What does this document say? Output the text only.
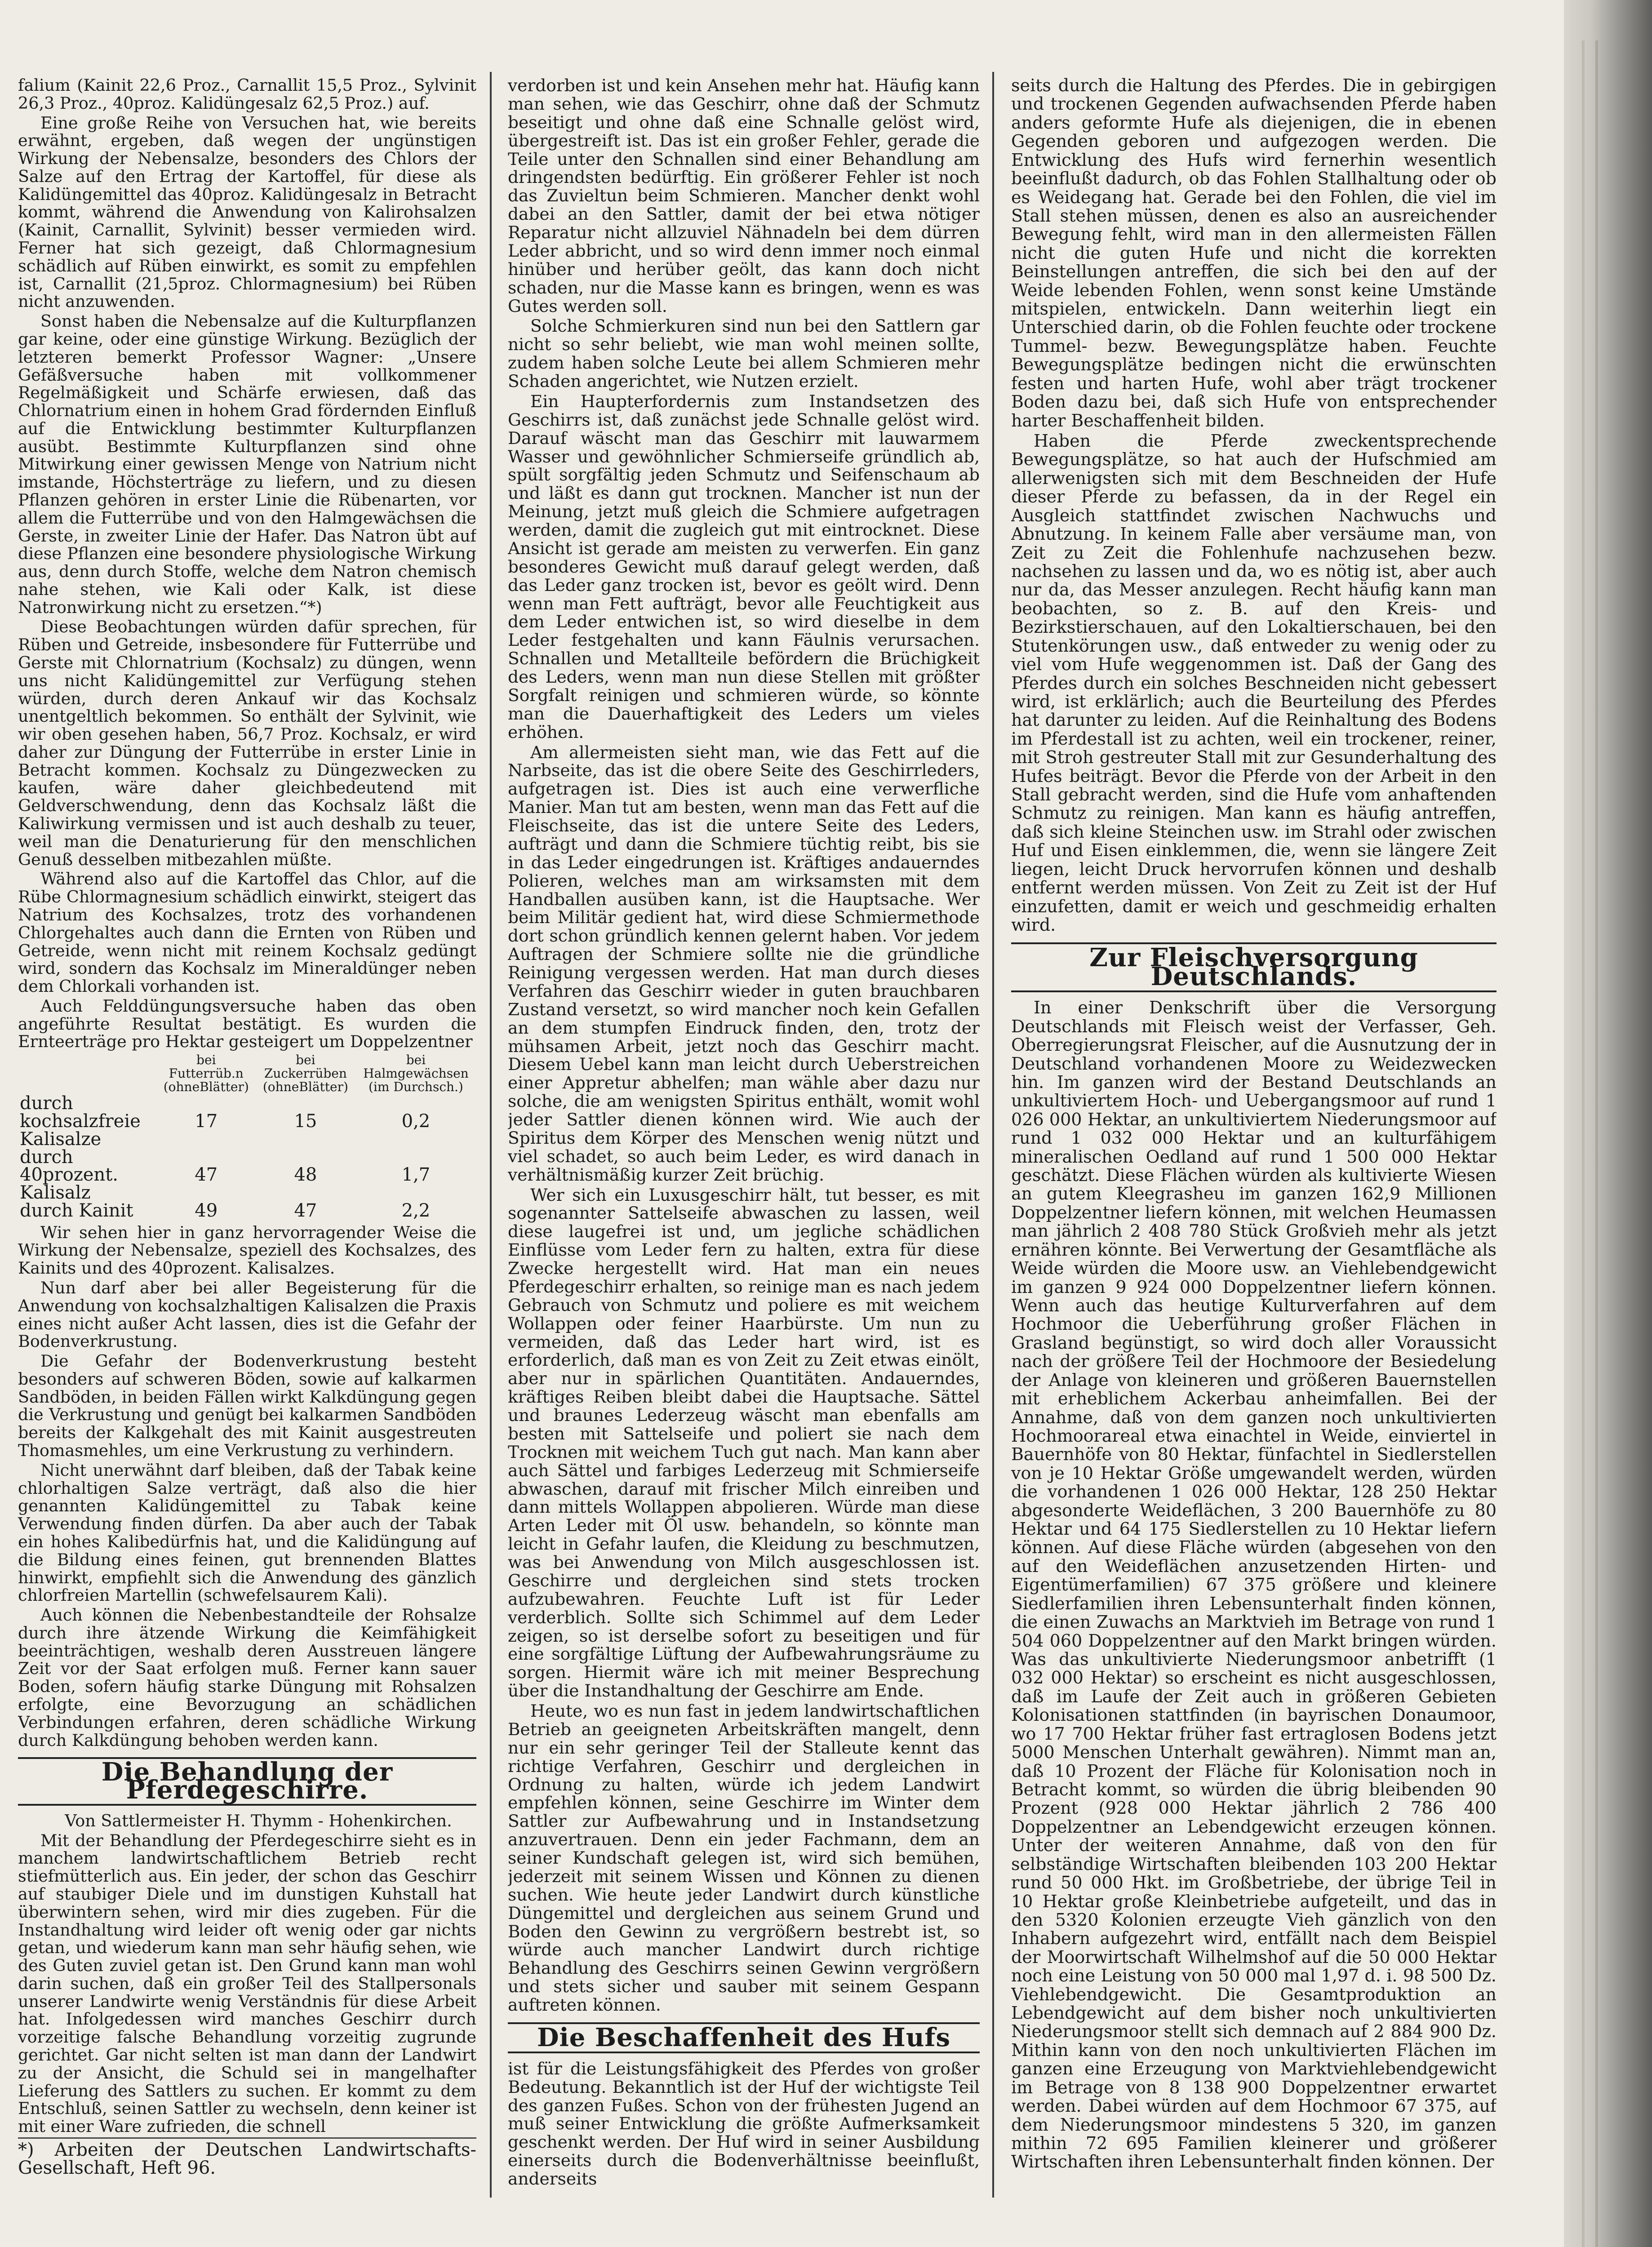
falium (Kainit 22,6 Proz., Carnallit 15,5 Proz., Sylvinit 26,3 Proz., 40proz. Kalidüngesalz 62,5 Proz.) auf.

Eine große Reihe von Versuchen hat, wie bereits erwähnt, ergeben, daß wegen der ungünstigen Wirkung der Nebensalze, besonders des Chlors der Salze auf den Ertrag der Kartoffel, für diese als Kalidüngemittel das 40proz. Kalidüngesalz in Betracht kommt, während die Anwendung von Kalirohsalzen (Kainit, Carnallit, Sylvinit) besser vermieden wird. Ferner hat sich gezeigt, daß Chlormagnesium schädlich auf Rüben einwirkt, es somit zu empfehlen ist, Carnallit (21,5proz. Chlormagnesium) bei Rüben nicht anzuwenden.

Sonst haben die Nebensalze auf die Kulturpflanzen gar keine, oder eine günstige Wirkung. Bezüglich der letzteren bemerkt Professor Wagner: „Unsere Gefäßversuche haben mit vollkommener Regelmäßigkeit und Schärfe erwiesen, daß das Chlornatrium einen in hohem Grad fördernden Einfluß auf die Entwicklung bestimmter Kulturpflanzen ausübt. Bestimmte Kulturpflanzen sind ohne Mitwirkung einer gewissen Menge von Natrium nicht imstande, Höchsterträge zu liefern, und zu diesen Pflanzen gehören in erster Linie die Rübenarten, vor allem die Futterrübe und von den Halmgewächsen die Gerste, in zweiter Linie der Hafer. Das Natron übt auf diese Pflanzen eine besondere physiologische Wirkung aus, denn durch Stoffe, welche dem Natron chemisch nahe stehen, wie Kali oder Kalk, ist diese Natronwirkung nicht zu ersetzen.“*)

Diese Beobachtungen würden dafür sprechen, für Rüben und Getreide, insbesondere für Futterrübe und Gerste mit Chlornatrium (Kochsalz) zu düngen, wenn uns nicht Kalidüngemittel zur Verfügung stehen würden, durch deren Ankauf wir das Kochsalz unentgeltlich bekommen. So enthält der Sylvinit, wie wir oben gesehen haben, 56,7 Proz. Kochsalz, er wird daher zur Düngung der Futterrübe in erster Linie in Betracht kommen. Kochsalz zu Düngezwecken zu kaufen, wäre daher gleichbedeutend mit Geldverschwendung, denn das Kochsalz läßt die Kaliwirkung vermissen und ist auch deshalb zu teuer, weil man die Denaturierung für den menschlichen Genuß desselben mitbezahlen müßte.

Während also auf die Kartoffel das Chlor, auf die Rübe Chlormagnesium schädlich einwirkt, steigert das Natrium des Kochsalzes, trotz des vorhandenen Chlorgehaltes auch dann die Ernten von Rüben und Getreide, wenn nicht mit reinem Kochsalz gedüngt wird, sondern das Kochsalz im Mineraldünger neben dem Chlorkali vorhanden ist.

Auch Felddüngungsversuche haben das oben angeführte Resultat bestätigt. Es wurden die Ernteerträge pro Hektar gesteigert um Doppelzentner

	bei Futterrüb.n (ohneBlätter)	bei Zuckerrüben (ohneBlätter)	bei Halmgewächsen (im Durchsch.)
durch kochsalzfreie Kalisalze	17	15	0,2
durch 40prozent. Kalisalz	47	48	1,7
durch Kainit	49	47	2,2

Wir sehen hier in ganz hervorragender Weise die Wirkung der Nebensalze, speziell des Kochsalzes, des Kainits und des 40prozent. Kalisalzes.

Nun darf aber bei aller Begeisterung für die Anwendung von kochsalzhaltigen Kalisalzen die Praxis eines nicht außer Acht lassen, dies ist die Gefahr der Bodenverkrustung.

Die Gefahr der Bodenverkrustung besteht besonders auf schweren Böden, sowie auf kalkarmen Sandböden, in beiden Fällen wirkt Kalkdüngung gegen die Verkrustung und genügt bei kalkarmen Sandböden bereits der Kalkgehalt des mit Kainit ausgestreuten Thomasmehles, um eine Verkrustung zu verhindern.

Nicht unerwähnt darf bleiben, daß der Tabak keine chlorhaltigen Salze verträgt, daß also die hier genannten Kalidüngemittel zu Tabak keine Verwendung finden dürfen. Da aber auch der Tabak ein hohes Kalibedürfnis hat, und die Kalidüngung auf die Bildung eines feinen, gut brennenden Blattes hinwirkt, empfiehlt sich die Anwendung des gänzlich chlorfreien Martellin (schwefelsaurem Kali).

Auch können die Nebenbestandteile der Rohsalze durch ihre ätzende Wirkung die Keimfähigkeit beeinträchtigen, weshalb deren Ausstreuen längere Zeit vor der Saat erfolgen muß. Ferner kann sauer Boden, sofern häufig starke Düngung mit Rohsalzen erfolgte, eine Bevorzugung an schädlichen Verbindungen erfahren, deren schädliche Wirkung durch Kalkdüngung behoben werden kann.

Die Behandlung der Pferdegeschirre.

Von Sattlermeister H. Thymm - Hohenkirchen.

Mit der Behandlung der Pferdegeschirre sieht es in manchem landwirtschaftlichem Betrieb recht stiefmütterlich aus. Ein jeder, der schon das Geschirr auf staubiger Diele und im dunstigen Kuhstall hat überwintern sehen, wird mir dies zugeben. Für die Instandhaltung wird leider oft wenig oder gar nichts getan, und wiederum kann man sehr häufig sehen, wie des Guten zuviel getan ist. Den Grund kann man wohl darin suchen, daß ein großer Teil des Stallpersonals unserer Landwirte wenig Verständnis für diese Arbeit hat. Infolgedessen wird manches Geschirr durch vorzeitige falsche Behandlung vorzeitig zugrunde gerichtet. Gar nicht selten ist man dann der Landwirt zu der Ansicht, die Schuld sei in mangelhafter Lieferung des Sattlers zu suchen. Er kommt zu dem Entschluß, seinen Sattler zu wechseln, denn keiner ist mit einer Ware zufrieden, die schnell

*) Arbeiten der Deutschen Landwirtschafts-Gesellschaft, Heft 96.

verdorben ist und kein Ansehen mehr hat. Häufig kann man sehen, wie das Geschirr, ohne daß der Schmutz beseitigt und ohne daß eine Schnalle gelöst wird, übergestreift ist. Das ist ein großer Fehler, gerade die Teile unter den Schnallen sind einer Behandlung am dringendsten bedürftig. Ein größerer Fehler ist noch das Zuvieltun beim Schmieren. Mancher denkt wohl dabei an den Sattler, damit der bei etwa nötiger Reparatur nicht allzuviel Nähnadeln bei dem dürren Leder abbricht, und so wird denn immer noch einmal hinüber und herüber geölt, das kann doch nicht schaden, nur die Masse kann es bringen, wenn es was Gutes werden soll.

Solche Schmierkuren sind nun bei den Sattlern gar nicht so sehr beliebt, wie man wohl meinen sollte, zudem haben solche Leute bei allem Schmieren mehr Schaden angerichtet, wie Nutzen erzielt.

Ein Haupterfordernis zum Instandsetzen des Geschirrs ist, daß zunächst jede Schnalle gelöst wird. Darauf wäscht man das Geschirr mit lauwarmem Wasser und gewöhnlicher Schmierseife gründlich ab, spült sorgfältig jeden Schmutz und Seifenschaum ab und läßt es dann gut trocknen. Mancher ist nun der Meinung, jetzt muß gleich die Schmiere aufgetragen werden, damit die zugleich gut mit eintrocknet. Diese Ansicht ist gerade am meisten zu verwerfen. Ein ganz besonderes Gewicht muß darauf gelegt werden, daß das Leder ganz trocken ist, bevor es geölt wird. Denn wenn man Fett aufträgt, bevor alle Feuchtigkeit aus dem Leder entwichen ist, so wird dieselbe in dem Leder festgehalten und kann Fäulnis verursachen. Schnallen und Metallteile befördern die Brüchigkeit des Leders, wenn man nun diese Stellen mit größter Sorgfalt reinigen und schmieren würde, so könnte man die Dauerhaftigkeit des Leders um vieles erhöhen.

Am allermeisten sieht man, wie das Fett auf die Narbseite, das ist die obere Seite des Geschirrleders, aufgetragen ist. Dies ist auch eine verwerfliche Manier. Man tut am besten, wenn man das Fett auf die Fleischseite, das ist die untere Seite des Leders, aufträgt und dann die Schmiere tüchtig reibt, bis sie in das Leder eingedrungen ist. Kräftiges andauerndes Polieren, welches man am wirksamsten mit dem Handballen ausüben kann, ist die Hauptsache. Wer beim Militär gedient hat, wird diese Schmiermethode dort schon gründlich kennen gelernt haben. Vor jedem Auftragen der Schmiere sollte nie die gründliche Reinigung vergessen werden. Hat man durch dieses Verfahren das Geschirr wieder in guten brauchbaren Zustand versetzt, so wird mancher noch kein Gefallen an dem stumpfen Eindruck finden, den, trotz der mühsamen Arbeit, jetzt noch das Geschirr macht. Diesem Uebel kann man leicht durch Ueberstreichen einer Appretur abhelfen; man wähle aber dazu nur solche, die am wenigsten Spiritus enthält, womit wohl jeder Sattler dienen können wird. Wie auch der Spiritus dem Körper des Menschen wenig nützt und viel schadet, so auch beim Leder, es wird danach in verhältnismäßig kurzer Zeit brüchig.

Wer sich ein Luxusgeschirr hält, tut besser, es mit sogenannter Sattelseife abwaschen zu lassen, weil diese laugefrei ist und, um jegliche schädlichen Einflüsse vom Leder fern zu halten, extra für diese Zwecke hergestellt wird. Hat man ein neues Pferdegeschirr erhalten, so reinige man es nach jedem Gebrauch von Schmutz und poliere es mit weichem Wollappen oder feiner Haarbürste. Um nun zu vermeiden, daß das Leder hart wird, ist es erforderlich, daß man es von Zeit zu Zeit etwas einölt, aber nur in spärlichen Quantitäten. Andauerndes, kräftiges Reiben bleibt dabei die Hauptsache. Sättel und braunes Lederzeug wäscht man ebenfalls am besten mit Sattelseife und poliert sie nach dem Trocknen mit weichem Tuch gut nach. Man kann aber auch Sättel und farbiges Lederzeug mit Schmierseife abwaschen, darauf mit frischer Milch einreiben und dann mittels Wollappen abpolieren. Würde man diese Arten Leder mit Öl usw. behandeln, so könnte man leicht in Gefahr laufen, die Kleidung zu beschmutzen, was bei Anwendung von Milch ausgeschlossen ist. Geschirre und dergleichen sind stets trocken aufzubewahren. Feuchte Luft ist für Leder verderblich. Sollte sich Schimmel auf dem Leder zeigen, so ist derselbe sofort zu beseitigen und für eine sorgfältige Lüftung der Aufbewahrungsräume zu sorgen. Hiermit wäre ich mit meiner Besprechung über die Instandhaltung der Geschirre am Ende.

Heute, wo es nun fast in jedem landwirtschaftlichen Betrieb an geeigneten Arbeitskräften mangelt, denn nur ein sehr geringer Teil der Stalleute kennt das richtige Verfahren, Geschirr und dergleichen in Ordnung zu halten, würde ich jedem Landwirt empfehlen können, seine Geschirre im Winter dem Sattler zur Aufbewahrung und in Instandsetzung anzuvertrauen. Denn ein jeder Fachmann, dem an seiner Kundschaft gelegen ist, wird sich bemühen, jederzeit mit seinem Wissen und Können zu dienen suchen. Wie heute jeder Landwirt durch künstliche Düngemittel und dergleichen aus seinem Grund und Boden den Gewinn zu vergrößern bestrebt ist, so würde auch mancher Landwirt durch richtige Behandlung des Geschirrs seinen Gewinn vergrößern und stets sicher und sauber mit seinem Gespann auftreten können.

Die Beschaffenheit des Hufs

ist für die Leistungsfähigkeit des Pferdes von großer Bedeutung. Bekanntlich ist der Huf der wichtigste Teil des ganzen Fußes. Schon von der frühesten Jugend an muß seiner Entwicklung die größte Aufmerksamkeit geschenkt werden. Der Huf wird in seiner Ausbildung einerseits durch die Bodenverhältnisse beeinflußt, anderseits

seits durch die Haltung des Pferdes. Die in gebirgigen und trockenen Gegenden aufwachsenden Pferde haben anders geformte Hufe als diejenigen, die in ebenen Gegenden geboren und aufgezogen werden. Die Entwicklung des Hufs wird fernerhin wesentlich beeinflußt dadurch, ob das Fohlen Stallhaltung oder ob es Weidegang hat. Gerade bei den Fohlen, die viel im Stall stehen müssen, denen es also an ausreichender Bewegung fehlt, wird man in den allermeisten Fällen nicht die guten Hufe und nicht die korrekten Beinstellungen antreffen, die sich bei den auf der Weide lebenden Fohlen, wenn sonst keine Umstände mitspielen, entwickeln. Dann weiterhin liegt ein Unterschied darin, ob die Fohlen feuchte oder trockene Tummel- bezw. Bewegungsplätze haben. Feuchte Bewegungsplätze bedingen nicht die erwünschten festen und harten Hufe, wohl aber trägt trockener Boden dazu bei, daß sich Hufe von entsprechender harter Beschaffenheit bilden.

Haben die Pferde zweckentsprechende Bewegungsplätze, so hat auch der Hufschmied am allerwenigsten sich mit dem Beschneiden der Hufe dieser Pferde zu befassen, da in der Regel ein Ausgleich stattfindet zwischen Nachwuchs und Abnutzung. In keinem Falle aber versäume man, von Zeit zu Zeit die Fohlenhufe nachzusehen bezw. nachsehen zu lassen und da, wo es nötig ist, aber auch nur da, das Messer anzulegen. Recht häufig kann man beobachten, so z. B. auf den Kreis- und Bezirkstierschauen, auf den Lokaltierschauen, bei den Stutenkörungen usw., daß entweder zu wenig oder zu viel vom Hufe weggenommen ist. Daß der Gang des Pferdes durch ein solches Beschneiden nicht gebessert wird, ist erklärlich; auch die Beurteilung des Pferdes hat darunter zu leiden. Auf die Reinhaltung des Bodens im Pferdestall ist zu achten, weil ein trockener, reiner, mit Stroh gestreuter Stall mit zur Gesunderhaltung des Hufes beiträgt. Bevor die Pferde von der Arbeit in den Stall gebracht werden, sind die Hufe vom anhaftenden Schmutz zu reinigen. Man kann es häufig antreffen, daß sich kleine Steinchen usw. im Strahl oder zwischen Huf und Eisen einklemmen, die, wenn sie längere Zeit liegen, leicht Druck hervorrufen können und deshalb entfernt werden müssen. Von Zeit zu Zeit ist der Huf einzufetten, damit er weich und geschmeidig erhalten wird.

Zur Fleischversorgung Deutschlands.

In einer Denkschrift über die Versorgung Deutschlands mit Fleisch weist der Verfasser, Geh. Oberregierungsrat Fleischer, auf die Ausnutzung der in Deutschland vorhandenen Moore zu Weidezwecken hin. Im ganzen wird der Bestand Deutschlands an unkultiviertem Hoch- und Uebergangsmoor auf rund 1 026 000 Hektar, an unkultiviertem Niederungsmoor auf rund 1 032 000 Hektar und an kulturfähigem mineralischen Oedland auf rund 1 500 000 Hektar geschätzt. Diese Flächen würden als kultivierte Wiesen an gutem Kleegrasheu im ganzen 162,9 Millionen Doppelzentner liefern können, mit welchen Heumassen man jährlich 2 408 780 Stück Großvieh mehr als jetzt ernähren könnte. Bei Verwertung der Gesamtfläche als Weide würden die Moore usw. an Viehlebendgewicht im ganzen 9 924 000 Doppelzentner liefern können. Wenn auch das heutige Kulturverfahren auf dem Hochmoor die Ueberführung großer Flächen in Grasland begünstigt, so wird doch aller Voraussicht nach der größere Teil der Hochmoore der Besiedelung der Anlage von kleineren und größeren Bauernstellen mit erheblichem Ackerbau anheimfallen. Bei der Annahme, daß von dem ganzen noch unkultivierten Hochmoorareal etwa einachtel in Weide, einviertel in Bauernhöfe von 80 Hektar, fünfachtel in Siedlerstellen von je 10 Hektar Größe umgewandelt werden, würden die vorhandenen 1 026 000 Hektar, 128 250 Hektar abgesonderte Weideflächen, 3 200 Bauernhöfe zu 80 Hektar und 64 175 Siedlerstellen zu 10 Hektar liefern können. Auf diese Fläche würden (abgesehen von den auf den Weideflächen anzusetzenden Hirten- und Eigentümerfamilien) 67 375 größere und kleinere Siedlerfamilien ihren Lebensunterhalt finden können, die einen Zuwachs an Marktvieh im Betrage von rund 1 504 060 Doppelzentner auf den Markt bringen würden. Was das unkultivierte Niederungsmoor anbetrifft (1 032 000 Hektar) so erscheint es nicht ausgeschlossen, daß im Laufe der Zeit auch in größeren Gebieten Kolonisationen stattfinden (in bayrischen Donaumoor, wo 17 700 Hektar früher fast ertraglosen Bodens jetzt 5000 Menschen Unterhalt gewähren). Nimmt man an, daß 10 Prozent der Fläche für Kolonisation noch in Betracht kommt, so würden die übrig bleibenden 90 Prozent (928 000 Hektar jährlich 2 786 400 Doppelzentner an Lebendgewicht erzeugen können. Unter der weiteren Annahme, daß von den für selbständige Wirtschaften bleibenden 103 200 Hektar rund 50 000 Hkt. im Großbetriebe, der übrige Teil in 10 Hektar große Kleinbetriebe aufgeteilt, und das in den 5320 Kolonien erzeugte Vieh gänzlich von den Inhabern aufgezehrt wird, entfällt nach dem Beispiel der Moorwirtschaft Wilhelmshof auf die 50 000 Hektar noch eine Leistung von 50 000 mal 1,97 d. i. 98 500 Dz. Viehlebendgewicht. Die Gesamtproduktion an Lebendgewicht auf dem bisher noch unkultivierten Niederungsmoor stellt sich demnach auf 2 884 900 Dz. Mithin kann von den noch unkultivierten Flächen im ganzen eine Erzeugung von Marktviehlebendgewicht im Betrage von 8 138 900 Doppelzentner erwartet werden. Dabei würden auf dem Hochmoor 67 375, auf dem Niederungsmoor mindestens 5 320, im ganzen mithin 72 695 Familien kleinerer und größerer Wirtschaften ihren Lebensunterhalt finden können. Der
